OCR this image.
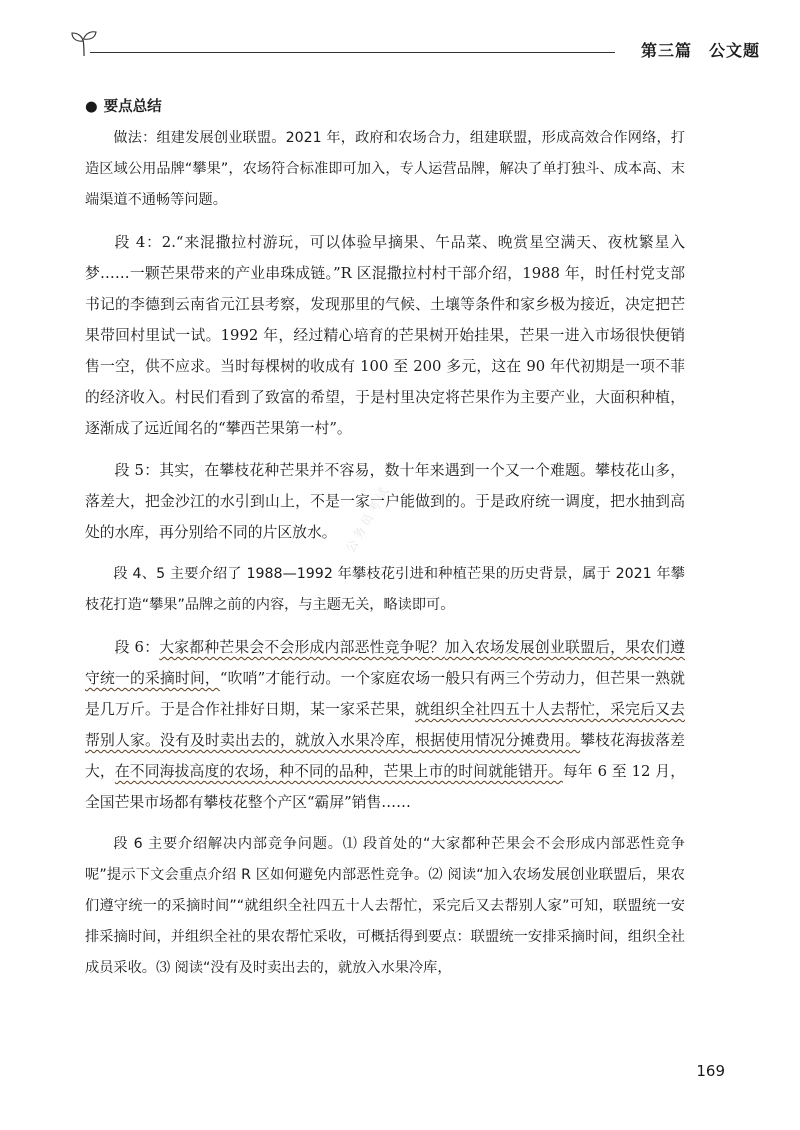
第三篇　公文题
公务员考试
● 要点总结
做法：组建发展创业联盟。2021 年，政府和农场合力，组建联盟，形成高效合作网络，打造区域公用品牌“攀果”，农场符合标准即可加入，专人运营品牌，解决了单打独斗、成本高、末端渠道不通畅等问题。
段 4：2.“来混撒拉村游玩，可以体验早摘果、午品菜、晚赏星空满天、夜枕繁星入梦……一颗芒果带来的产业串珠成链。”R 区混撒拉村村干部介绍，1988 年，时任村党支部书记的李德到云南省元江县考察，发现那里的气候、土壤等条件和家乡极为接近，决定把芒果带回村里试一试。1992 年，经过精心培育的芒果树开始挂果，芒果一进入市场很快便销售一空，供不应求。当时每棵树的收成有 100 至 200 多元，这在 90 年代初期是一项不菲的经济收入。村民们看到了致富的希望，于是村里决定将芒果作为主要产业，大面积种植，逐渐成了远近闻名的“攀西芒果第一村”。
段 5：其实，在攀枝花种芒果并不容易，数十年来遇到一个又一个难题。攀枝花山多，落差大，把金沙江的水引到山上，不是一家一户能做到的。于是政府统一调度，把水抽到高处的水库，再分别给不同的片区放水。
段 4、5 主要介绍了 1988—1992 年攀枝花引进和种植芒果的历史背景，属于 2021 年攀枝花打造“攀果”品牌之前的内容，与主题无关，略读即可。
段 6：大家都种芒果会不会形成内部恶性竞争呢？加入农场发展创业联盟后，果农们遵守统一的采摘时间，“吹哨”才能行动。一个家庭农场一般只有两三个劳动力，但芒果一熟就是几万斤。于是合作社排好日期，某一家采芒果，就组织全社四五十人去帮忙，采完后又去帮别人家。没有及时卖出去的，就放入水果冷库，根据使用情况分摊费用。攀枝花海拔落差大，在不同海拔高度的农场，种不同的品种，芒果上市的时间就能错开。每年 6 至 12 月，全国芒果市场都有攀枝花整个产区“霸屏”销售……
段 6 主要介绍解决内部竞争问题。⑴ 段首处的“大家都种芒果会不会形成内部恶性竞争呢”提示下文会重点介绍 R 区如何避免内部恶性竞争。⑵ 阅读“加入农场发展创业联盟后，果农们遵守统一的采摘时间”“就组织全社四五十人去帮忙，采完后又去帮别人家”可知，联盟统一安排采摘时间，并组织全社的果农帮忙采收，可概括得到要点：联盟统一安排采摘时间，组织全社成员采收。⑶ 阅读“没有及时卖出去的，就放入水果冷库，
169
